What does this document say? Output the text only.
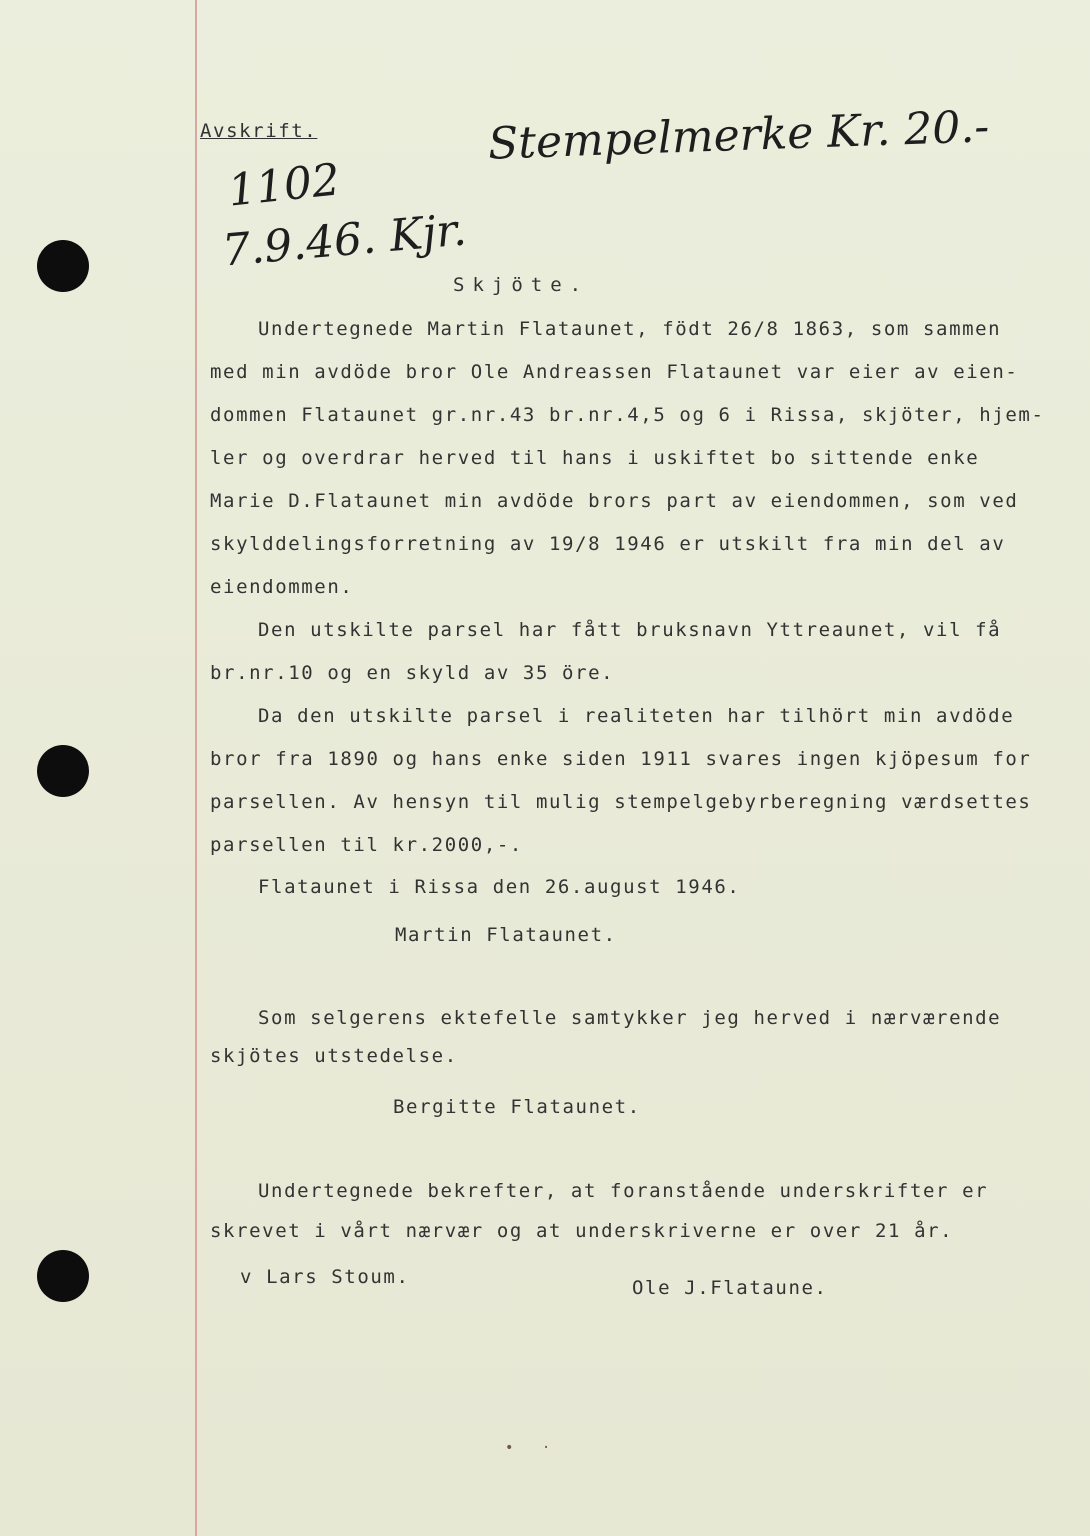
Avskrift.	Stempelmerke Kr. 20.-
1102
7.9.46. Kjr.
Skjöte.
Undertegnede Martin Flataunet, födt 26/8 1863, som sammen
med min avdöde bror Ole Andreassen Flataunet var eier av eien-
dommen Flataunet gr.nr.43 br.nr.4,5 og 6 i Rissa, skjöter, hjem-
ler og overdrar herved til hans i uskiftet bo sittende enke
Marie D.Flataunet min avdöde brors part av eiendommen, som ved
skylddelingsforretning av 19/8 1946 er utskilt fra min del av
eiendommen.
Den utskilte parsel har fått bruksnavn Yttreaunet, vil få
br.nr.10 og en skyld av 35 öre.
Da den utskilte parsel i realiteten har tilhört min avdöde
bror fra 1890 og hans enke siden 1911 svares ingen kjöpesum for
parsellen. Av hensyn til mulig stempelgebyrberegning værdsettes
parsellen til kr.2000,-.
Flataunet i Rissa den 26.august 1946.
Martin Flataunet.
Som selgerens ektefelle samtykker jeg herved i nærværende
skjötes utstedelse.
Bergitte Flataunet.
Undertegnede bekrefter, at foranstående underskrifter er
skrevet i vårt nærvær og at underskriverne er over 21 år.
v Lars Stoum.	Ole J.Flataune.
• ·
